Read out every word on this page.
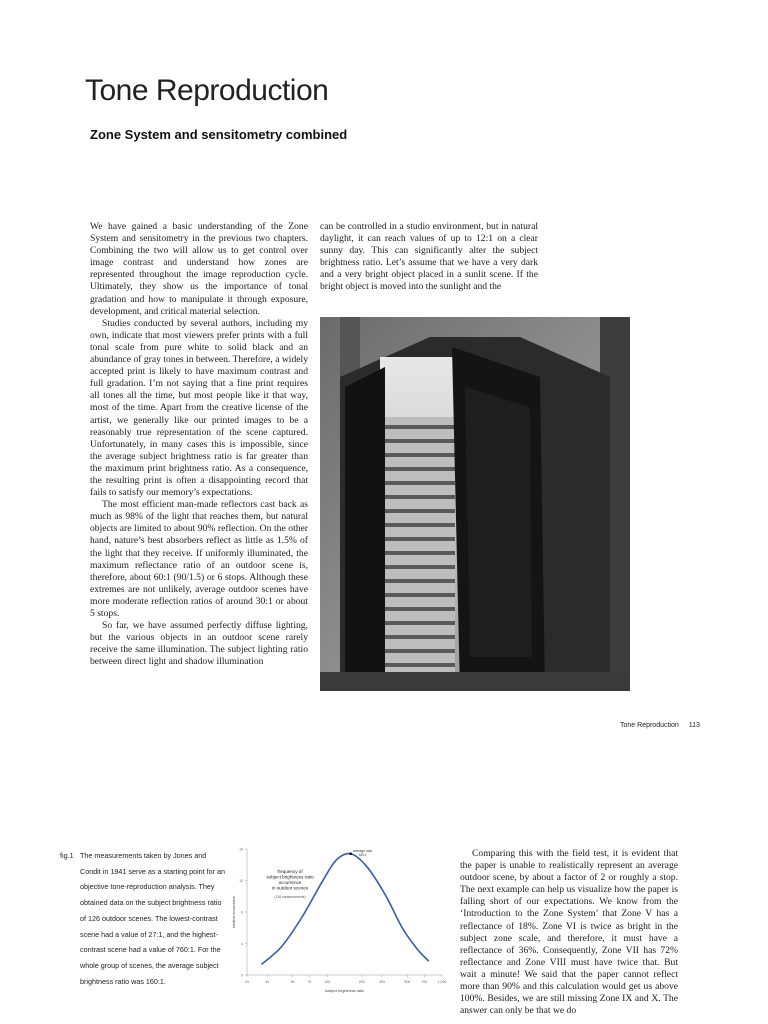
Tone Reproduction
Zone System and sensitometry combined

We have gained a basic understanding of the Zone System and sensitometry in the previous two chapters. Combining the two will allow us to get control over image contrast and understand how zones are represented throughout the image reproduction cycle. Ultimately, they show us the importance of tonal gradation and how to manipulate it through exposure, development, and critical material selection.

Studies conducted by several authors, including my own, indicate that most viewers prefer prints with a full tonal scale from pure white to solid black and an abundance of gray tones in between. Therefore, a widely accepted print is likely to have maximum contrast and full gradation. I’m not saying that a fine print requires all tones all the time, but most people like it that way, most of the time. Apart from the creative license of the artist, we generally like our printed images to be a reasonably true representation of the scene captured. Unfortunately, in many cases this is impossible, since the average subject brightness ratio is far greater than the maximum print brightness ratio. As a consequence, the resulting print is often a disappointing record that fails to satisfy our memory’s expectations.

The most efficient man-made reflectors cast back as much as 98% of the light that reaches them, but natural objects are limited to about 90% reflection. On the other hand, nature’s best absorbers reflect as little as 1.5% of the light that they receive. If uniformly illuminated, the maximum reflectance ratio of an outdoor scene is, therefore, about 60:1 (90/1.5) or 6 stops. Although these extremes are not unlikely, average outdoor scenes have more moderate reflection ratios of around 30:1 or about 5 stops.

So far, we have assumed perfectly diffuse lighting, but the various objects in an outdoor scene rarely receive the same illumination. The subject lighting ratio between direct light and shadow illumination

can be controlled in a studio environment, but in natural daylight, it can reach values of up to 12:1 on a clear sunny day. This can significantly alter the subject brightness ratio. Let’s assume that we have a very dark and a very bright object placed in a sunlit scene. If the bright object is moved into the sunlight and the

Tone Reproduction 113
fig.1 The measurements taken by Jones and Condit in 1941 serve as a starting point for an objective tone-reproduction analysis. They obtained data on the subject brightness ratio of 126 outdoor scenes. The lowest-contrast scene had a value of 27:1, and the highest-contrast scene had a value of 760:1. For the whole group of scenes, the average subject brightness ratio was 160:1.
0
4
8
12
16
20	30	50	70	100	200	300	500	700	1,000
subject brightness ratio
relative occurrence
average ratio
160:1
frequency of
subject brightness ratio
occurrence
in outdoor scenes
(126 measurements)

Comparing this with the field test, it is evident that the paper is unable to realistically represent an average outdoor scene, by about a factor of 2 or roughly a stop. The next example can help us visualize how the paper is falling short of our expectations. We know from the ‘Introduction to the Zone System’ that Zone V has a reflectance of 18%. Zone VI is twice as bright in the subject zone scale, and therefore, it must have a reflectance of 36%. Consequently, Zone VII has 72% reflectance and Zone VIII must have twice that. But wait a minute! We said that the paper cannot reflect more than 90% and this calculation would get us above 100%. Besides, we are still missing Zone IX and X. The answer can only be that we do
